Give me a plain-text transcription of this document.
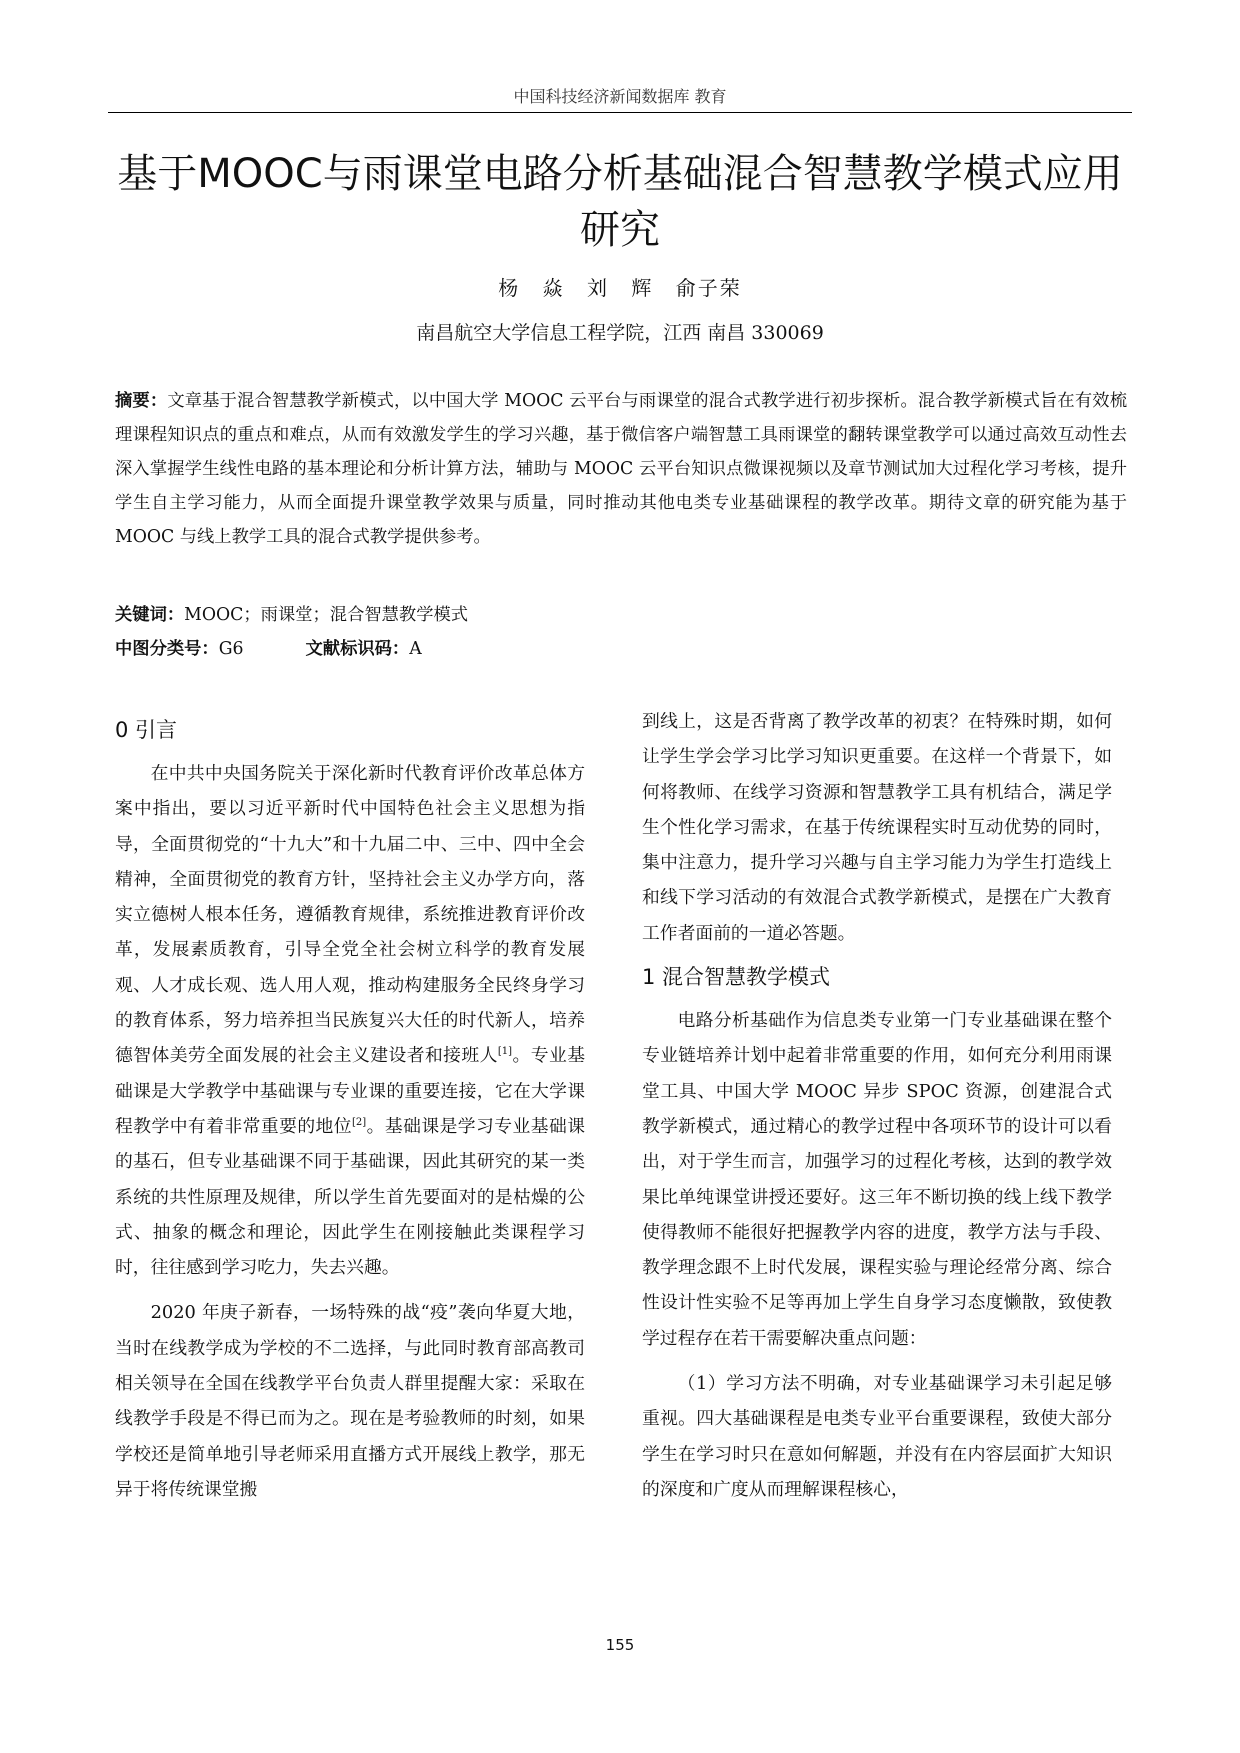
中国科技经济新闻数据库 教育
基于MOOC与雨课堂电路分析基础混合智慧教学模式应用
研究
杨 焱 刘 辉 俞子荣
南昌航空大学信息工程学院，江西 南昌 330069

摘要：文章基于混合智慧教学新模式，以中国大学 MOOC 云平台与雨课堂的混合式教学进行初步探析。混合教学新模式旨在有效梳理课程知识点的重点和难点，从而有效激发学生的学习兴趣，基于微信客户端智慧工具雨课堂的翻转课堂教学可以通过高效互动性去深入掌握学生线性电路的基本理论和分析计算方法，辅助与 MOOC 云平台知识点微课视频以及章节测试加大过程化学习考核，提升学生自主学习能力，从而全面提升课堂教学效果与质量，同时推动其他电类专业基础课程的教学改革。期待文章的研究能为基于 MOOC 与线上教学工具的混合式教学提供参考。

关键词：MOOC；雨课堂；混合智慧教学模式
中图分类号：G6	文献标识码：A
0 引言

在中共中央国务院关于深化新时代教育评价改革总体方案中指出，要以习近平新时代中国特色社会主义思想为指导，全面贯彻党的“十九大”和十九届二中、三中、四中全会精神，全面贯彻党的教育方针，坚持社会主义办学方向，落实立德树人根本任务，遵循教育规律，系统推进教育评价改革，发展素质教育，引导全党全社会树立科学的教育发展观、人才成长观、选人用人观，推动构建服务全民终身学习的教育体系，努力培养担当民族复兴大任的时代新人，培养德智体美劳全面发展的社会主义建设者和接班人[1]。专业基础课是大学教学中基础课与专业课的重要连接，它在大学课程教学中有着非常重要的地位[2]。基础课是学习专业基础课的基石，但专业基础课不同于基础课，因此其研究的某一类系统的共性原理及规律，所以学生首先要面对的是枯燥的公式、抽象的概念和理论，因此学生在刚接触此类课程学习时，往往感到学习吃力，失去兴趣。

2020 年庚子新春，一场特殊的战“疫”袭向华夏大地，当时在线教学成为学校的不二选择，与此同时教育部高教司相关领导在全国在线教学平台负责人群里提醒大家：采取在线教学手段是不得已而为之。现在是考验教师的时刻，如果学校还是简单地引导老师采用直播方式开展线上教学，那无异于将传统课堂搬

到线上，这是否背离了教学改革的初衷？在特殊时期，如何让学生学会学习比学习知识更重要。在这样一个背景下，如何将教师、在线学习资源和智慧教学工具有机结合，满足学生个性化学习需求，在基于传统课程实时互动优势的同时，集中注意力，提升学习兴趣与自主学习能力为学生打造线上和线下学习活动的有效混合式教学新模式，是摆在广大教育工作者面前的一道必答题。

1 混合智慧教学模式

电路分析基础作为信息类专业第一门专业基础课在整个专业链培养计划中起着非常重要的作用，如何充分利用雨课堂工具、中国大学 MOOC 异步 SPOC 资源，创建混合式教学新模式，通过精心的教学过程中各项环节的设计可以看出，对于学生而言，加强学习的过程化考核，达到的教学效果比单纯课堂讲授还要好。这三年不断切换的线上线下教学使得教师不能很好把握教学内容的进度，教学方法与手段、教学理念跟不上时代发展，课程实验与理论经常分离、综合性设计性实验不足等再加上学生自身学习态度懒散，致使教学过程存在若干需要解决重点问题：

（1）学习方法不明确，对专业基础课学习未引起足够重视。四大基础课程是电类专业平台重要课程，致使大部分学生在学习时只在意如何解题，并没有在内容层面扩大知识的深度和广度从而理解课程核心，

155
